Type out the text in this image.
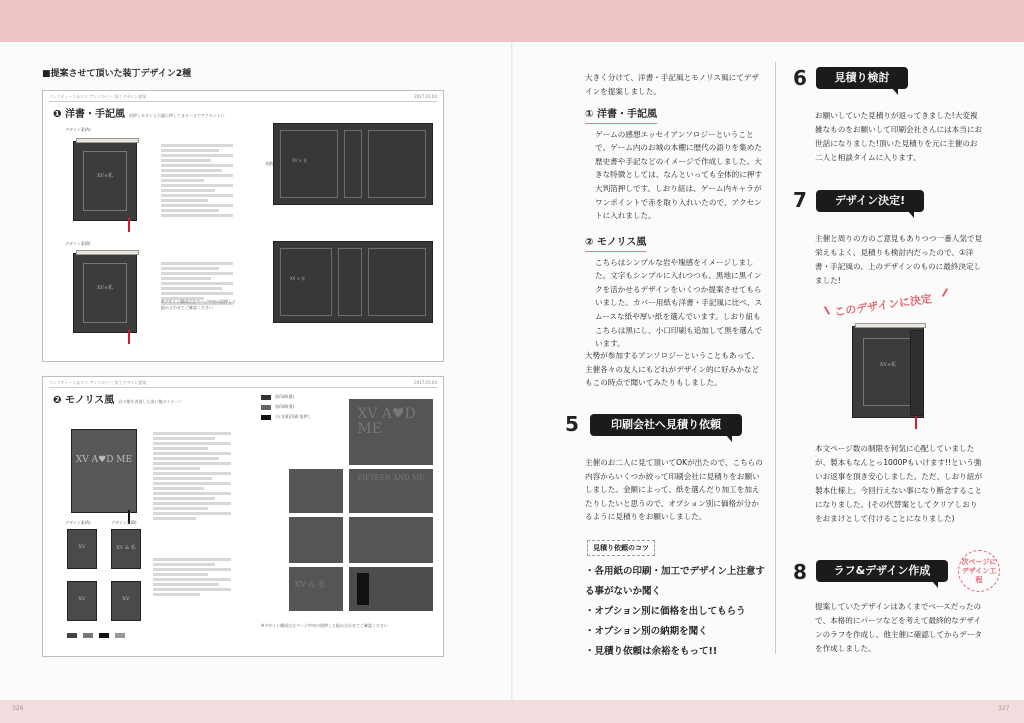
326	327
■提案させて頂いた装丁デザイン2種
フィフティーン＆マイ アンソロジー 装丁デザイン提案	2017.03.04
❶ 洋書・手記風 箔押しモダンと古風に押してまるーるでアクセントに
デザイン案(A)
XV×私
デザイン案(B)
XV×私
※デザイン構成は左ページ中央の箔押しと組み合わせてご確認ください
XV × 私
表紙
XV × 私
フィフティーン＆マイ アンソロジー 装丁デザイン提案	2017.03.04
❷ モノリス風 岩の塊を表現した黒い塊のイメージ
XV A♥D ME
デザイン案(A)	デザイン案(B)
XV	XV & 私
XV	XV
黒印刷(濃)
黒印刷(薄)
小口(黒)印刷 箔押し	XV A♥D ME
FIFTEEN AND ME
XV & 私
※デザイン構成は左ページ中央の箔押しと組み合わせてご確認ください
大きく分けて、洋書・手記風とモノリス風にてデザインを提案しました。
① 洋書・手記風
ゲームの感想エッセイアンソロジーということで、ゲーム内のお城の本棚に歴代の語りを集めた歴史書や手記などのイメージで作成しました。大きな特徴としては、なんといっても全体的に押す大判箔押しです。しおり紐は、ゲーム内キャラがワンポイントで赤を取り入れいたので、アクセントに入れました。
② モノリス風
こちらはシンプルな岩や塊感をイメージしました。文字もシンプルに入れつつも、黒地に黒インクを活かせるデザインをいくつか提案させてもらいました。カバー用紙も洋書・手記風に比べ、スムースな紙や厚い紙を選んでいます。しおり紐もこちらは黒にし、小口印刷も追加して黒を選んでいます。
大勢が参加するアンソロジーということもあって、主催各々の友人にもどれがデザイン的に好みかなどもこの時点で聞いてみたりもしました。
5	印刷会社へ見積り依頼
主催のお二人に見て頂いてOKが出たので、こちらの内容からいくつか絞って印刷会社に見積りをお願いしました。金額によって、紙を選んだり加工を加えたりしたいと思うので、オプション別に価格が分かるように見積りをお願いしました。
見積り依頼のコツ
・各用紙の印刷・加工でデザイン上注意する事がないか聞く
・オプション別に価格を出してもらう
・オプション別の納期を聞く
・見積り依頼は余裕をもって!!
6	見積り検討
お願いしていた見積りが返ってきました!大変複雑なものをお願いして印刷会社さんには本当にお世話になりました!頂いた見積りを元に主催のお二人と相談タイムに入ります。
7	デザイン決定!
主催と周りの方のご意見もありつつ一番人気で見栄えもよく、見積りも検討内だったので、①洋書・手記風の、上のデザインのものに最終決定しました!
このデザインに決定
XV×私
本文ページ数の制限を何気に心配していましたが、製本もなんとっ1000Pもいけます!!という強いお返事を頂き安心しました。ただ、しおり紐が製本仕様上、今回行えない事になり断念することになりました。(その代替案としてクリアしおりをおまけとして付けることになりました)
8	ラフ&デザイン作成
次ページにデザイン工程
提案していたデザインはあくまでベースだったので、本格的にパーツなどを考えて最終的なデザインのラフを作成し、他主催に確認してからデータを作成しました。
